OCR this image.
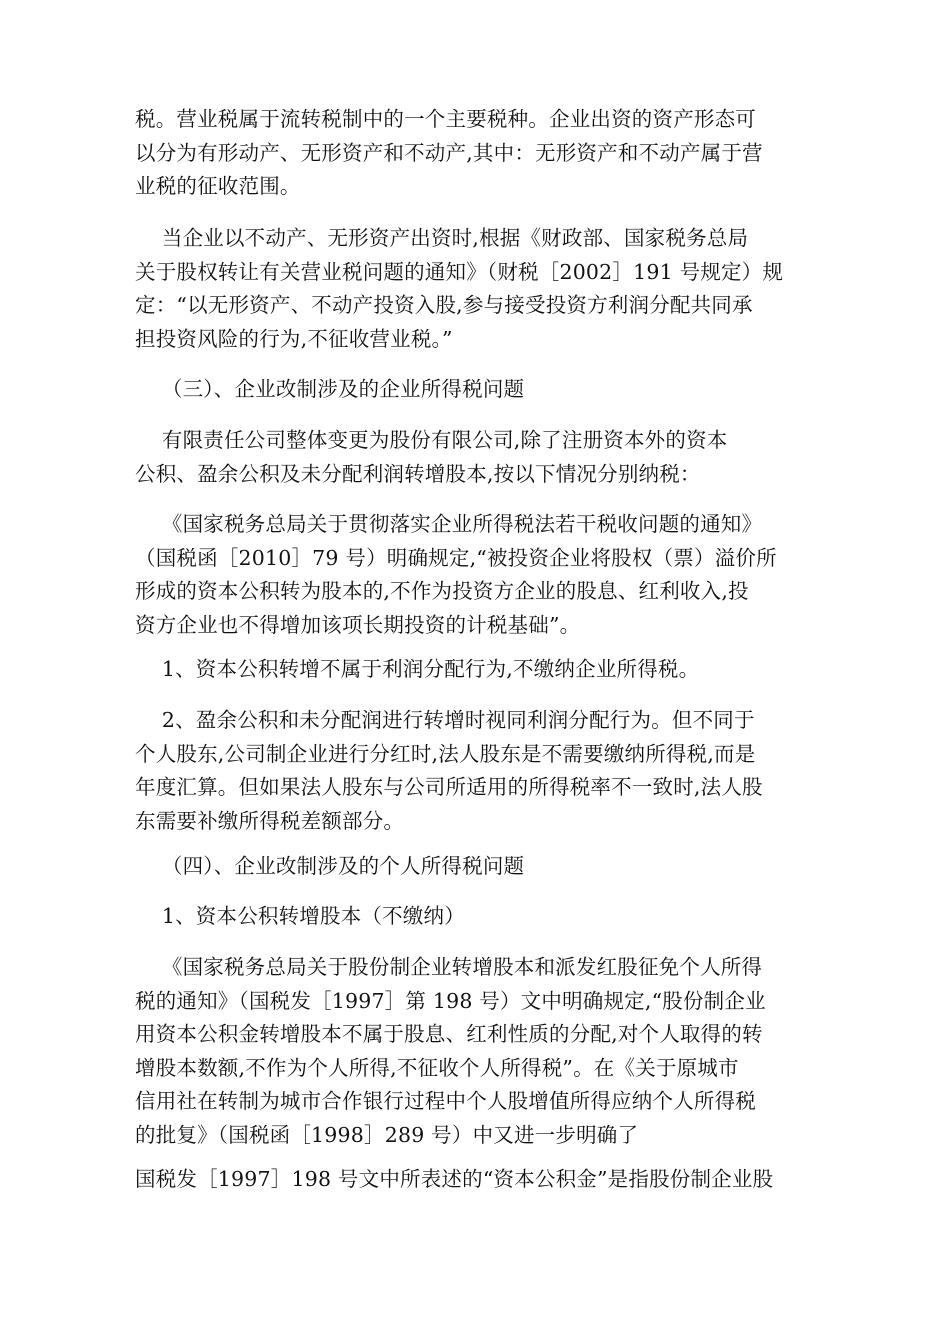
税。营业税属于流转税制中的一个主要税种。企业出资的资产形态可
以分为有形动产、无形资产和不动产,其中：无形资产和不动产属于营
业税的征收范围。

当企业以不动产、无形资产出资时,根据《财政部、国家税务总局
关于股权转让有关营业税问题的通知》（财税［2002］191 号规定）规
定：“以无形资产、不动产投资入股,参与接受投资方利润分配共同承
担投资风险的行为,不征收营业税。”

（三）、企业改制涉及的企业所得税问题

有限责任公司整体变更为股份有限公司,除了注册资本外的资本
公积、盈余公积及未分配利润转增股本,按以下情况分别纳税：

《国家税务总局关于贯彻落实企业所得税法若干税收问题的通知》
（国税函［2010］79 号）明确规定,“被投资企业将股权（票）溢价所
形成的资本公积转为股本的,不作为投资方企业的股息、红利收入,投
资方企业也不得增加该项长期投资的计税基础”。

1、资本公积转增不属于利润分配行为,不缴纳企业所得税。

2、盈余公积和未分配润进行转增时视同利润分配行为。但不同于
个人股东,公司制企业进行分红时,法人股东是不需要缴纳所得税,而是
年度汇算。但如果法人股东与公司所适用的所得税率不一致时,法人股
东需要补缴所得税差额部分。

（四）、企业改制涉及的个人所得税问题

1、资本公积转增股本（不缴纳）

《国家税务总局关于股份制企业转增股本和派发红股征免个人所得
税的通知》（国税发［1997］第 198 号）文中明确规定,“股份制企业
用资本公积金转增股本不属于股息、红利性质的分配,对个人取得的转
增股本数额,不作为个人所得,不征收个人所得税”。在《关于原城市
信用社在转制为城市合作银行过程中个人股增值所得应纳个人所得税
的批复》（国税函［1998］289 号）中又进一步明确了

国税发［1997］198 号文中所表述的“资本公积金”是指股份制企业股
